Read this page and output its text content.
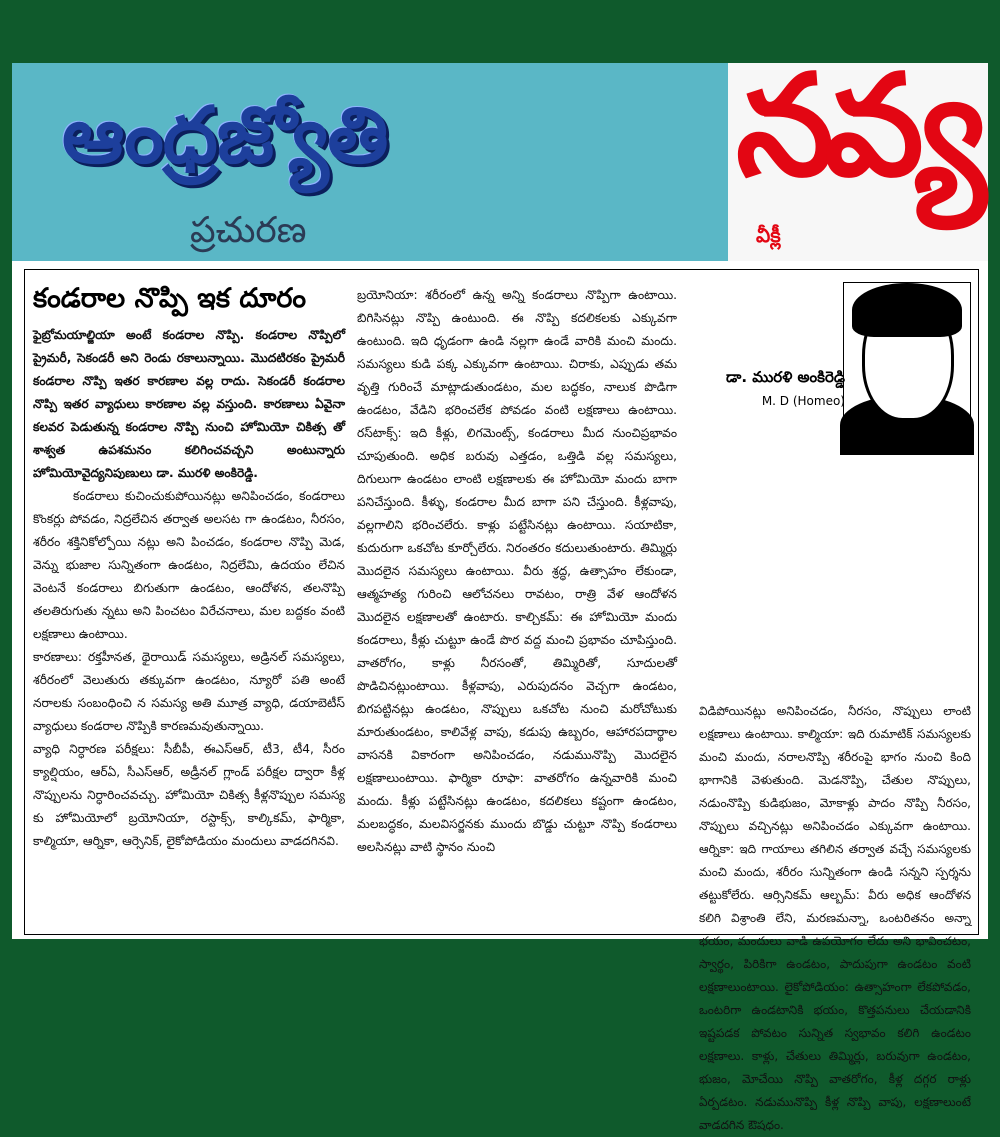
ఆంధ్రజ్యోతి
ప్రచురణ
నవ్య
వీక్లీ
కండరాల నొప్పి ఇక దూరం

ఫైబ్రోమయాల్జియా అంటే కండరాల నొప్పి. కండరాల నొప్పిలో ప్రైమరీ, సెకండరీ అని రెండు రకాలున్నాయి. మొదటిరకం ప్రైమరీ కండరాల నొప్పి ఇతర కారణాల వల్ల రాదు. సెకండరీ కండరాల నొప్పి ఇతర వ్యాధులు కారణాల వల్ల వస్తుంది. కారణాలు ఏవైనా కలవర పెడుతున్న కండరాల నొప్పి నుంచి హోమియో చికిత్స తో శాశ్వత ఉపశమనం కలిగించవచ్చని అంటున్నారు హోమియోవైద్యనిపుణులు డా. మురళి అంకిరెడ్డి.

కండరాలు కుచించుకుపోయినట్లు అనిపించడం, కండరాలు కొంకర్లు పోవడం, నిద్రలేచిన తర్వాత అలసట గా ఉండటం, నీరసం, శరీరం శక్తినికోల్పోయి నట్లు అని పించడం, కండరాల నొప్పి మెడ, వెన్ను భుజాల సున్నితంగా ఉండటం, నిద్రలేమి, ఉదయం లేచిన వెంటనే కండరాలు బిగుతుగా ఉండటం, ఆందోళన, తలనొప్పి తలతిరుగుతు న్నటు అని పించటం విరేచనాలు, మల బద్దకం వంటి లక్షణాలు ఉంటాయి.

కారణాలు: రక్తహీనత, థైరాయిడ్ సమస్యలు, అడ్రినల్ సమస్యలు, శరీరంలో వెలుతురు తక్కువగా ఉండటం, న్యూరో పతి అంటే నరాలకు సంబంధించి న సమస్య అతి మూత్ర వ్యాధి, డయాబెటీస్ వ్యాధులు కండరాల నొప్పికి కారణమవుతున్నాయి.

వ్యాధి నిర్ధారణ పరీక్షలు: సీబీపీ, ఈఎస్ఆర్, టీ3, టీ4, సీరం క్యాల్షియం, ఆర్ఏ, సీఎస్ఆర్, అడ్రీనల్ గ్లాండ్ పరీక్షల ద్వారా కీళ్ల నొప్పులను నిర్ధారించవచ్చు. హోమియో చికిత్స కీళ్లనొప్పుల సమస్య కు హోమియోలో బ్రయోనియా, రస్టాక్స్, కాల్కికమ్, ఫార్మికా, కాల్మియా, ఆర్నికా, ఆర్సెనిక్, లైకోపోడియం మందులు వాడదగినవి.

బ్రయోనియా: శరీరంలో ఉన్న అన్ని కండరాలు నొప్పిగా ఉంటాయి. బిగిసినట్లు నొప్పి ఉంటుంది. ఈ నొప్పి కదలికలకు ఎక్కువగా ఉంటుంది. ఇది ధృడంగా ఉండి నల్లగా ఉండే వారికి మంచి మందు. సమస్యలు కుడి పక్క ఎక్కువగా ఉంటాయి. చిరాకు, ఎప్పుడు తమ వృత్తి గురించే మాట్లాడుతుండటం, మల బద్ధకం, నాలుక పొడిగా ఉండటం, వేడిని భరించలేక పోవడం వంటి లక్షణాలు ఉంటాయి. రస్‌టాక్స్: ఇది కీళ్లు, లిగమెంట్స్, కండరాలు మీద నుంచిప్రభావం చూపుతుంది. అధిక బరువు ఎత్తడం, ఒత్తిడి వల్ల సమస్యలు, దిగులుగా ఉండటం లాంటి లక్షణాలకు ఈ హోమియో మందు బాగా పనిచేస్తుంది. కీళ్ళు, కండరాల మీద బాగా పని చేస్తుంది. కీళ్లవాపు, వల్లగాలిని భరించలేరు. కాళ్లు పట్టేసినట్లు ఉంటాయి. సయాటికా, కుదురుగా ఒకచోట కూర్చోలేరు. నిరంతరం కదులుతుంటారు. తిమ్మిర్లు మొదలైన సమస్యలు ఉంటాయి. వీరు శ్రద్ధ, ఉత్సాహం లేకుండా, ఆత్మహత్య గురించి ఆలోచనలు రావటం, రాత్రి వేళ ఆందోళన మొదలైన లక్షణాలతో ఉంటారు. కాల్చికమ్: ఈ హోమియో మందు కండరాలు, కీళ్లు చుట్టూ ఉండే పొర వద్ద మంచి ప్రభావం చూపిస్తుంది. వాతరోగం, కాళ్లు నీరసంతో, తిమ్మిరితో, సూదులతో పొడిచినట్లుంటాయి. కీళ్లవాపు, ఎరుపుదనం వెచ్చగా ఉండటం, బిగపట్టినట్లు ఉండటం, నొప్పులు ఒకచోట నుంచి మరోచోటుకు మారుతుండటం, కాలివేళ్ల వాపు, కడుపు ఉబ్బరం, ఆహారపదార్థాల వాసనకి వికారంగా అనిపించడం, నడుమునొప్పి మొదలైన లక్షణాలుంటాయి. ఫార్మికా రూఫా: వాతరోగం ఉన్నవారికి మంచి మందు. కీళ్లు పట్టేసినట్లు ఉండటం, కదలికలు కష్టంగా ఉండటం, మలబద్ధకం, మలవిసర్జనకు ముందు బొడ్డు చుట్టూ నొప్పి కండరాలు అలసినట్లు వాటి స్థానం నుంచి

డా. మురళి అంకిరెడ్డి
M. D (Homeo)

విడిపోయినట్లు అనిపించడం, నీరసం, నొప్పులు లాంటి లక్షణాలు ఉంటాయి. కాల్మియా: ఇది రుమాటిక్ సమస్యలకు మంచి మందు, నరాలనొప్పి శరీరంపై భాగం నుంచి కింది భాగానికి వెళుతుంది. మెడనొప్పి, చేతుల నొప్పులు, నడుంనొప్పి కుడిభుజం, మోకాళ్లు పాదం నొప్పి నీరసం, నొప్పులు వచ్చినట్లు అనిపించడం ఎక్కువగా ఉంటాయి. ఆర్నికా: ఇది గాయాలు తగిలిన తర్వాత వచ్చే సమస్యలకు మంచి మందు, శరీరం సున్నితంగా ఉండి సన్నని స్పర్శను తట్టుకోలేరు. ఆర్సినికమ్ ఆల్బమ్: వీరు అధిక ఆందోళన కలిగి విశ్రాంతి లేని, మరణమన్నా, ఒంటరితనం అన్నా భయం, మందులు వాడి ఉపయోగం లేదు అని భావించటం, స్వార్థం, పిరికిగా ఉండటం, పాదుపుగా ఉండటం వంటి లక్షణాలుంటాయి. లైకోపోడియం: ఉత్సాహంగా లేకపోవడం, ఒంటరిగా ఉండటానికి భయం, కొత్తపనులు చేయడానికి ఇష్టపడక పోవటం సున్నిత స్వభావం కలిగి ఉండటం లక్షణాలు. కాళ్లు, చేతులు తిమ్మిర్లు, బరువుగా ఉండటం, భుజం, మోచేయి నొప్పి వాతరోగం, కీళ్ల దగ్గర రాళ్లు ఏర్పడటం. నడుమునొప్పి కీళ్ల నొప్పి వాపు, లక్షణాలుంటే వాడదగిన ఔషధం.
